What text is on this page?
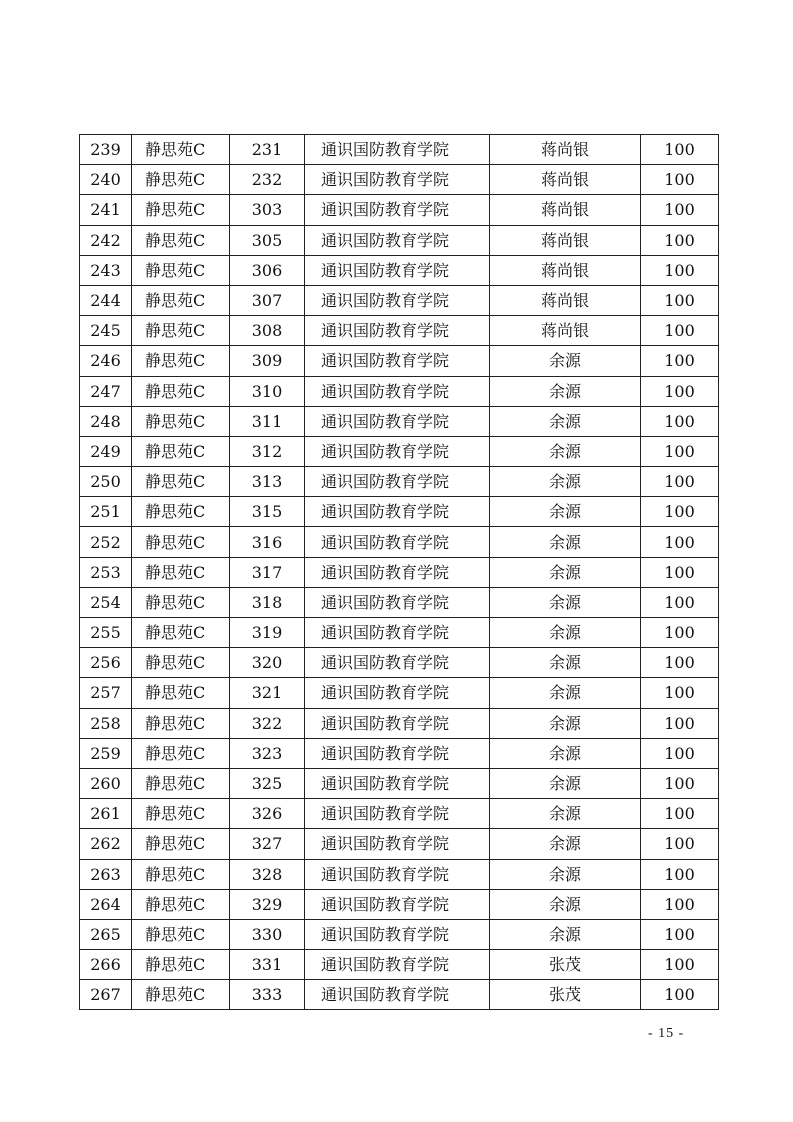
239	静思苑C	231	通识国防教育学院	蒋尚银	100
240	静思苑C	232	通识国防教育学院	蒋尚银	100
241	静思苑C	303	通识国防教育学院	蒋尚银	100
242	静思苑C	305	通识国防教育学院	蒋尚银	100
243	静思苑C	306	通识国防教育学院	蒋尚银	100
244	静思苑C	307	通识国防教育学院	蒋尚银	100
245	静思苑C	308	通识国防教育学院	蒋尚银	100
246	静思苑C	309	通识国防教育学院	余源	100
247	静思苑C	310	通识国防教育学院	余源	100
248	静思苑C	311	通识国防教育学院	余源	100
249	静思苑C	312	通识国防教育学院	余源	100
250	静思苑C	313	通识国防教育学院	余源	100
251	静思苑C	315	通识国防教育学院	余源	100
252	静思苑C	316	通识国防教育学院	余源	100
253	静思苑C	317	通识国防教育学院	余源	100
254	静思苑C	318	通识国防教育学院	余源	100
255	静思苑C	319	通识国防教育学院	余源	100
256	静思苑C	320	通识国防教育学院	余源	100
257	静思苑C	321	通识国防教育学院	余源	100
258	静思苑C	322	通识国防教育学院	余源	100
259	静思苑C	323	通识国防教育学院	余源	100
260	静思苑C	325	通识国防教育学院	余源	100
261	静思苑C	326	通识国防教育学院	余源	100
262	静思苑C	327	通识国防教育学院	余源	100
263	静思苑C	328	通识国防教育学院	余源	100
264	静思苑C	329	通识国防教育学院	余源	100
265	静思苑C	330	通识国防教育学院	余源	100
266	静思苑C	331	通识国防教育学院	张茂	100
267	静思苑C	333	通识国防教育学院	张茂	100
- 15 -
